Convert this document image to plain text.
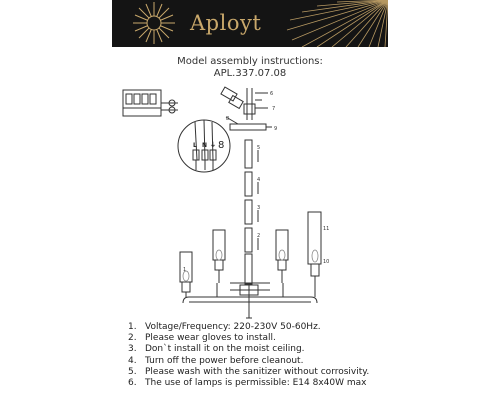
Aployt
Model assembly instructions:
APL.337.07.08
6
7
8
9
5
4
3
2
1
11
10
L N ⏚ 8
1. Voltage/Frequency: 220-230V 50-60Hz.
2. Please wear gloves to install.
3. Don`t install it on the moist ceiling.
4. Turn off the power before cleanout.
5. Please wash with the sanitizer without corrosivity.
6. The use of lamps is permissible: E14 8x40W max
